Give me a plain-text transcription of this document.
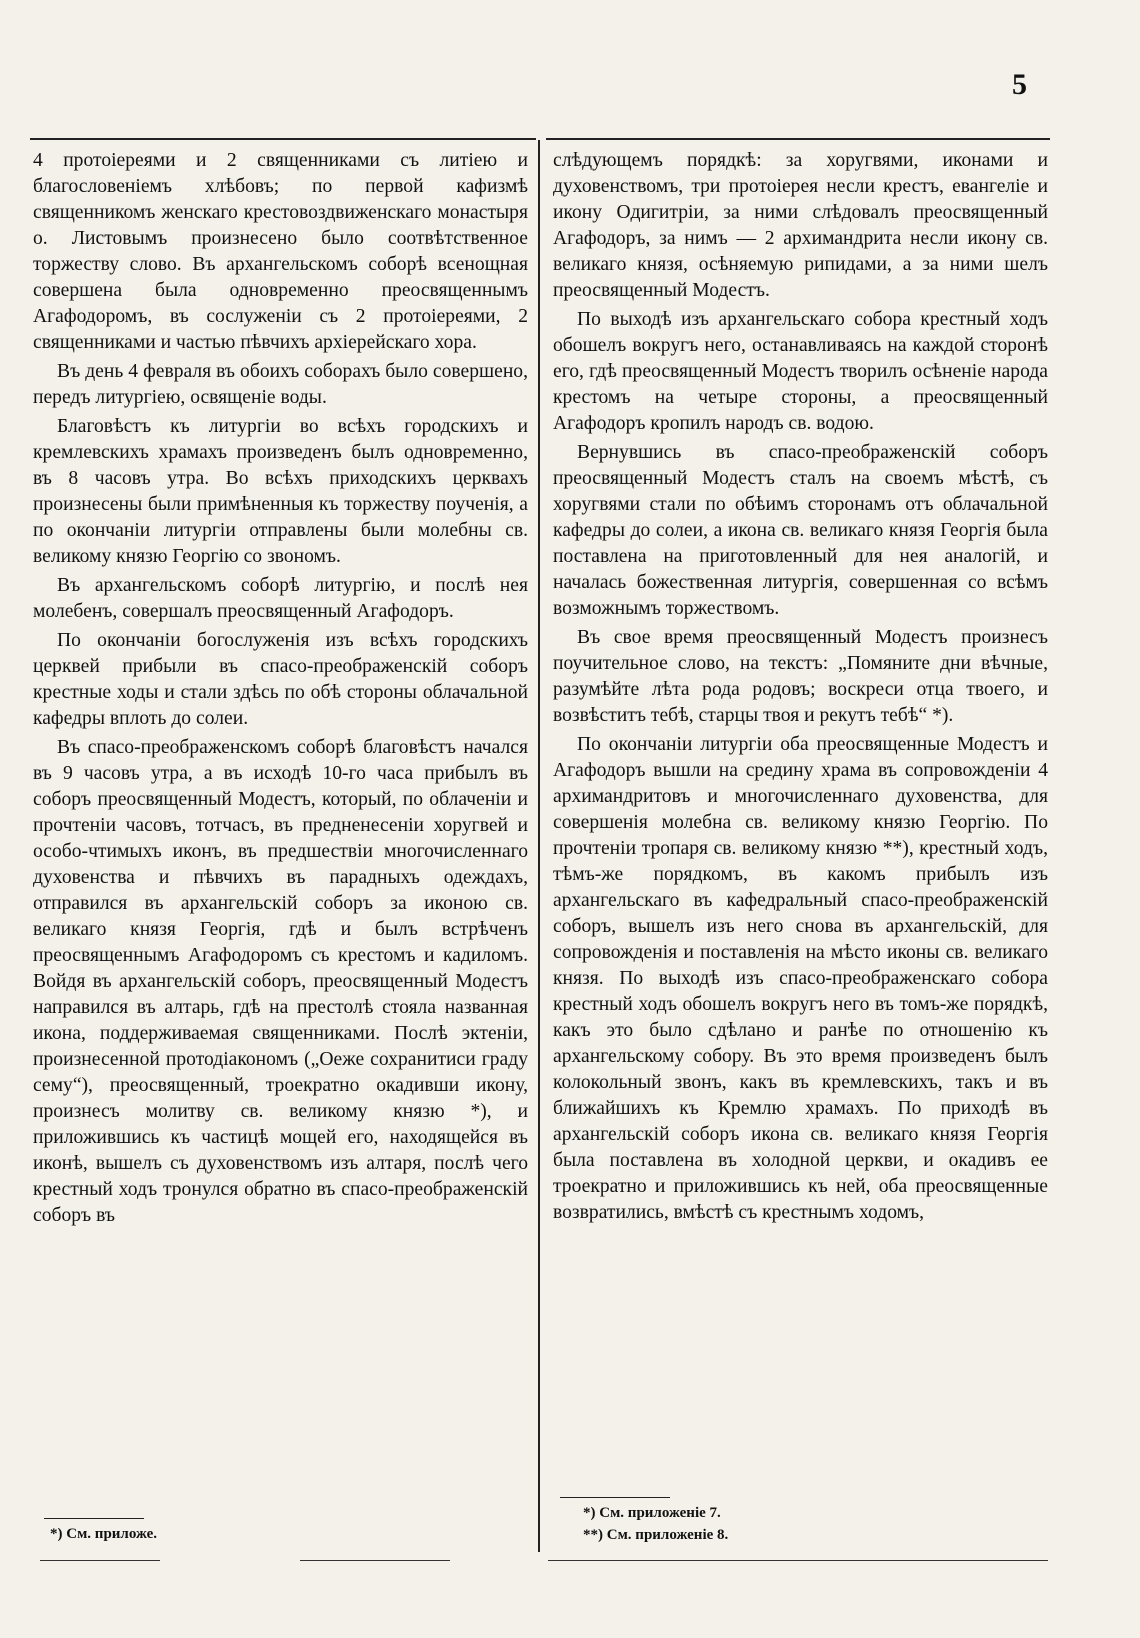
5

4 протоіереями и 2 священниками съ литіею и благословеніемъ хлѣбовъ; по первой кафизмѣ священникомъ женскаго крестовоздвиженскаго монастыря о. Листовымъ произнесено было соотвѣтственное торжеству слово. Въ архангельскомъ соборѣ всенощная совершена была одновременно преосвященнымъ Агафодоромъ, въ сослуженіи съ 2 протоіереями, 2 священниками и частью пѣвчихъ архіерейскаго хора.

Въ день 4 февраля въ обоихъ соборахъ было совершено, передъ литургіею, освященіе воды.

Благовѣстъ къ литургіи во всѣхъ городскихъ и кремлевскихъ храмахъ произведенъ былъ одновременно, въ 8 часовъ утра. Во всѣхъ приходскихъ церквахъ произнесены были примѣненныя къ торжеству поученія, а по окончаніи литургіи отправлены были молебны св. великому князю Георгію со звономъ.

Въ архангельскомъ соборѣ литургію, и послѣ нея молебенъ, совершалъ преосвященный Агафодоръ.

По окончаніи богослуженія изъ всѣхъ городскихъ церквей прибыли въ спасо-преображенскій соборъ крестные ходы и стали здѣсь по обѣ стороны облачальной кафедры вплоть до солеи.

Въ спасо-преображенскомъ соборѣ благовѣстъ начался въ 9 часовъ утра, а въ исходѣ 10-го часа прибылъ въ соборъ преосвященный Модестъ, который, по облаченіи и прочтеніи часовъ, тотчасъ, въ предненесеніи хоругвей и особо-чтимыхъ иконъ, въ предшествіи многочисленнаго духовенства и пѣвчихъ въ парадныхъ одеждахъ, отправился въ архангельскій соборъ за иконою св. великаго князя Георгія, гдѣ и былъ встрѣченъ преосвященнымъ Агафодоромъ съ крестомъ и кадиломъ. Войдя въ архангельскій соборъ, преосвященный Модестъ направился въ алтарь, гдѣ на престолѣ стояла названная икона, поддерживаемая священниками. Послѣ эктеніи, произнесенной протодіакономъ („Оеже сохранитиси граду сему“), преосвященный, троекратно окадивши икону, произнесъ молитву св. великому князю *), и приложившись къ частицѣ мощей его, находящейся въ иконѣ, вышелъ съ духовенствомъ изъ алтаря, послѣ чего крестный ходъ тронулся обратно въ спасо-преображенскій соборъ въ

слѣдующемъ порядкѣ: за хоругвями, иконами и духовенствомъ, три протоіерея несли крестъ, евангеліе и икону Одигитріи, за ними слѣдовалъ преосвященный Агафодоръ, за нимъ — 2 архимандрита несли икону св. великаго князя, осѣняемую рипидами, а за ними шелъ преосвященный Модестъ.

По выходѣ изъ архангельскаго собора крестный ходъ обошелъ вокругъ него, останавливаясь на каждой сторонѣ его, гдѣ преосвященный Модестъ творилъ осѣненіе народа крестомъ на четыре стороны, а преосвященный Агафодоръ кропилъ народъ св. водою.

Вернувшись въ спасо-преображенскій соборъ преосвященный Модестъ сталъ на своемъ мѣстѣ, съ хоругвями стали по обѣимъ сторонамъ отъ облачальной кафедры до солеи, а икона св. великаго князя Георгія была поставлена на приготовленный для нея аналогій, и началась божественная литургія, совершенная со всѣмъ возможнымъ торжествомъ.

Въ свое время преосвященный Модестъ произнесъ поучительное слово, на текстъ: „Помяните дни вѣчные, разумѣйте лѣта рода родовъ; воскреси отца твоего, и возвѣститъ тебѣ, старцы твоя и рекутъ тебѣ“ *).

По окончаніи литургіи оба преосвященные Модестъ и Агафодоръ вышли на средину храма въ сопровожденіи 4 архимандритовъ и многочисленнаго духовенства, для совершенія молебна св. великому князю Георгію. По прочтеніи тропаря св. великому князю **), крестный ходъ, тѣмъ-же порядкомъ, въ какомъ прибылъ изъ архангельскаго въ кафедральный спасо-преображенскій соборъ, вышелъ изъ него снова въ архангельскій, для сопровожденія и поставленія на мѣсто иконы св. великаго князя. По выходѣ изъ спасо-преображенскаго собора крестный ходъ обошелъ вокругъ него въ томъ-же порядкѣ, какъ это было сдѣлано и ранѣе по отношенію къ архангельскому собору. Въ это время произведенъ былъ колокольный звонъ, какъ въ кремлевскихъ, такъ и въ ближайшихъ къ Кремлю храмахъ. По приходѣ въ архангельскій соборъ икона св. великаго князя Георгія была поставлена въ холодной церкви, и окадивъ ее троекратно и приложившись къ ней, оба преосвященные возвратились, вмѣстѣ съ крестнымъ ходомъ,

*) См. приложе.
*) См. приложеніе 7.
**) См. приложеніе 8.
